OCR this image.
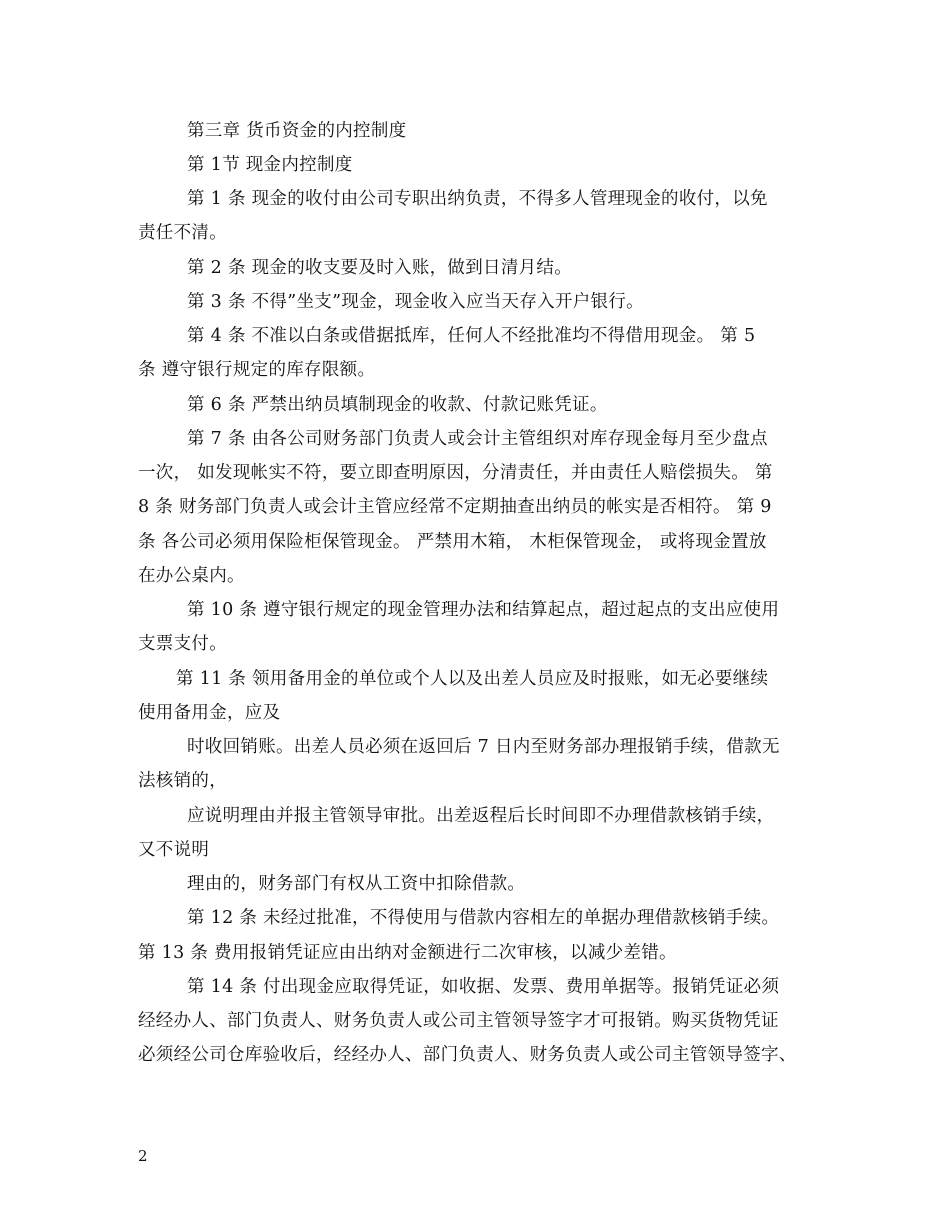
第三章 货币资金的内控制度
第 1节 现金内控制度
第 1 条 现金的收付由公司专职出纳负责，不得多人管理现金的收付，以免
责任不清。
第 2 条 现金的收支要及时入账，做到日清月结。
第 3 条 不得”坐支”现金，现金收入应当天存入开户银行。
第 4 条 不准以白条或借据抵库，任何人不经批准均不得借用现金。 第 5
条 遵守银行规定的库存限额。
第 6 条 严禁出纳员填制现金的收款、付款记账凭证。
第 7 条 由各公司财务部门负责人或会计主管组织对库存现金每月至少盘点
一次， 如发现帐实不符，要立即查明原因，分清责任，并由责任人赔偿损失。 第
8 条 财务部门负责人或会计主管应经常不定期抽查出纳员的帐实是否相符。 第 9
条 各公司必须用保险柜保管现金。 严禁用木箱， 木柜保管现金， 或将现金置放
在办公桌内。
第 10 条 遵守银行规定的现金管理办法和结算起点，超过起点的支出应使用
支票支付。
第 11 条 领用备用金的单位或个人以及出差人员应及时报账，如无必要继续
使用备用金，应及
时收回销账。出差人员必须在返回后 7 日内至财务部办理报销手续，借款无
法核销的，
应说明理由并报主管领导审批。出差返程后长时间即不办理借款核销手续，
又不说明
理由的，财务部门有权从工资中扣除借款。
第 12 条 未经过批准，不得使用与借款内容相左的单据办理借款核销手续。
第 13 条 费用报销凭证应由出纳对金额进行二次审核，以减少差错。
第 14 条 付出现金应取得凭证，如收据、发票、费用单据等。报销凭证必须
经经办人、部门负责人、财务负责人或公司主管领导签字才可报销。购买货物凭证
必须经公司仓库验收后，经经办人、部门负责人、财务负责人或公司主管领导签字、
2
